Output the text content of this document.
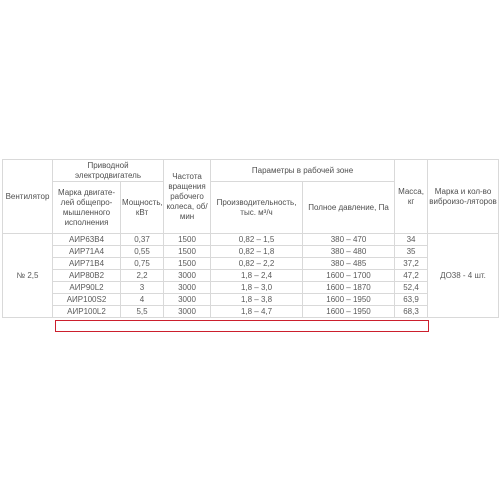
Вентилятор	Приводной электродвигатель		Частота вращения рабочего колеса, об/мин	Параметры в рабочей зоне		Масса, кг	Марка и кол-во виброизо-ляторов
	Марка двигате-лей общепро-мышленного исполнения	Мощность, кВт		Производительность, тыс. м³/ч	Полное давление, Па		
№ 2,5	АИР63В4	0,37	1500	0,82 – 1,5	380 – 470	34	ДО38 - 4 шт.
	АИР71А4	0,55	1500	0,82 – 1,8	380 – 480	35	
	АИР71В4	0,75	1500	0,82 – 2,2	380 – 485	37,2	
	АИР80В2	2,2	3000	1,8 – 2,4	1600 – 1700	47,2	
	АИР90L2	3	3000	1,8 – 3,0	1600 – 1870	52,4	
	АИР100S2	4	3000	1,8 – 3,8	1600 – 1950	63,9	
	АИР100L2	5,5	3000	1,8 – 4,7	1600 – 1950	68,3	
